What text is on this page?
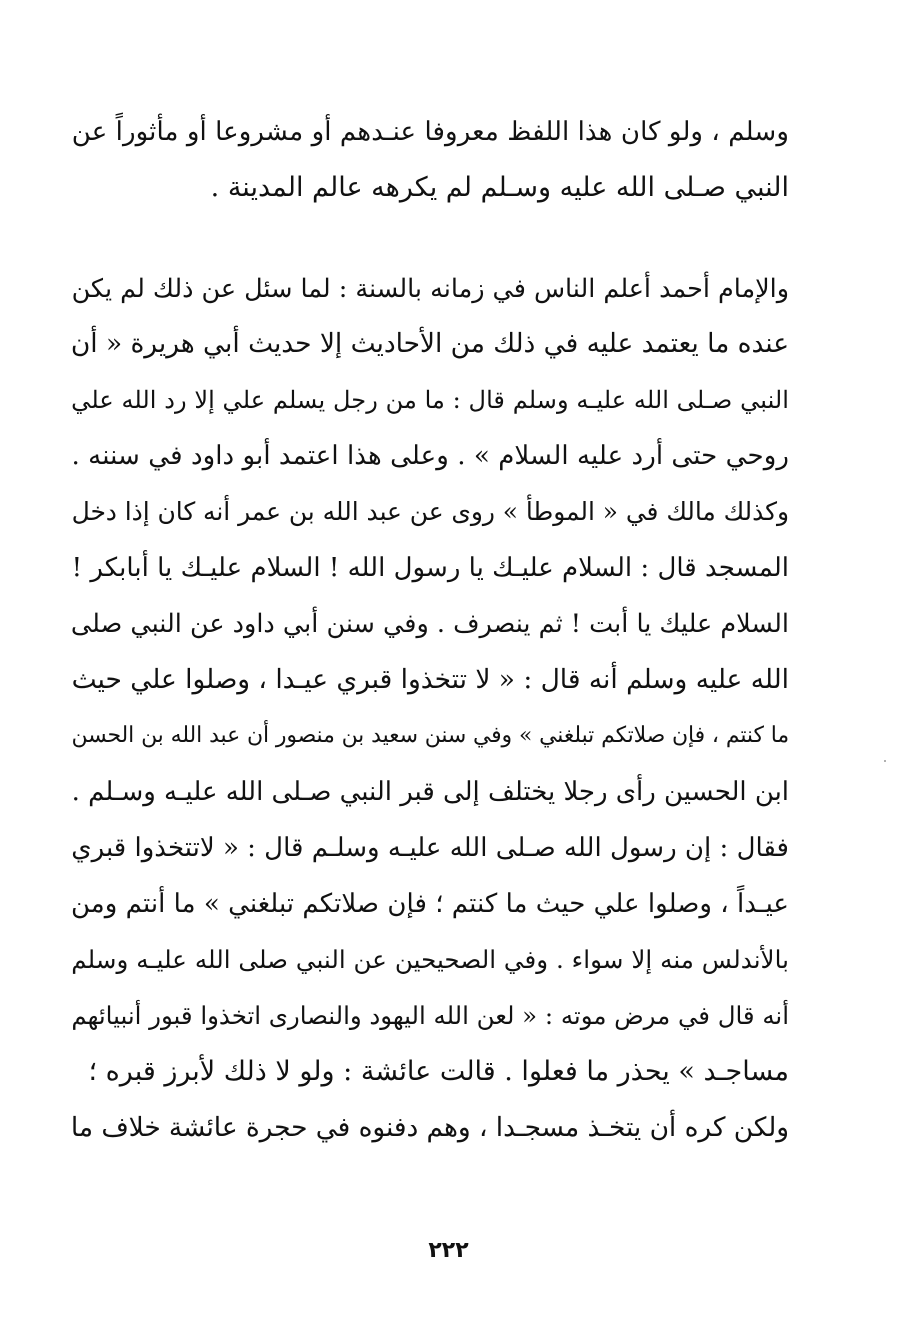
وسلم ، ولو كان هذا اللفظ معروفا عنـدهم أو مشروعا أو مأثوراً عن
النبي صـلى الله عليه وسـلم لم يكرهه عالم المدينة .
والإمام أحمد أعلم الناس في زمانه بالسنة : لما سئل عن ذلك لم يكن
عنده ما يعتمد عليه في ذلك من الأحاديث إلا حديث أبي هريرة « أن
النبي صـلى الله عليـه وسلم قال : ما من رجل يسلم علي إلا رد الله علي
روحي حتى أرد عليه السلام » . وعلى هذا اعتمد أبو داود في سننه .
وكذلك مالك في « الموطأ » روى عن عبد الله بن عمر أنه كان إذا دخل
المسجد قال : السلام عليـك يا رسول الله ! السلام عليـك يا أبابكر !
السلام عليك يا أبت ! ثم ينصرف . وفي سنن أبي داود عن النبي صلى
الله عليه وسلم أنه قال : « لا تتخذوا قبري عيـدا ، وصلوا علي حيث
ما كنتم ، فإن صلاتكم تبلغني » وفي سنن سعيد بن منصور أن عبد الله بن الحسن
ابن الحسين رأى رجلا يختلف إلى قبر النبي صـلى الله عليـه وسـلم .
فقال : إن رسول الله صـلى الله عليـه وسلـم قال : « لاتتخذوا قبري
عيـداً ، وصلوا علي حيث ما كنتم ؛ فإن صلاتكم تبلغني » ما أنتم ومن
بالأندلس منه إلا سواء . وفي الصحيحين عن النبي صلى الله عليـه وسلم
أنه قال في مرض موته : « لعن الله اليهود والنصارى اتخذوا قبور أنبيائهم
مساجـد » يحذر ما فعلوا . قالت عائشة : ولو لا ذلك لأبرز قبره ؛
ولكن كره أن يتخـذ مسجـدا ، وهم دفنوه في حجرة عائشة خلاف ما
٢٢٢
